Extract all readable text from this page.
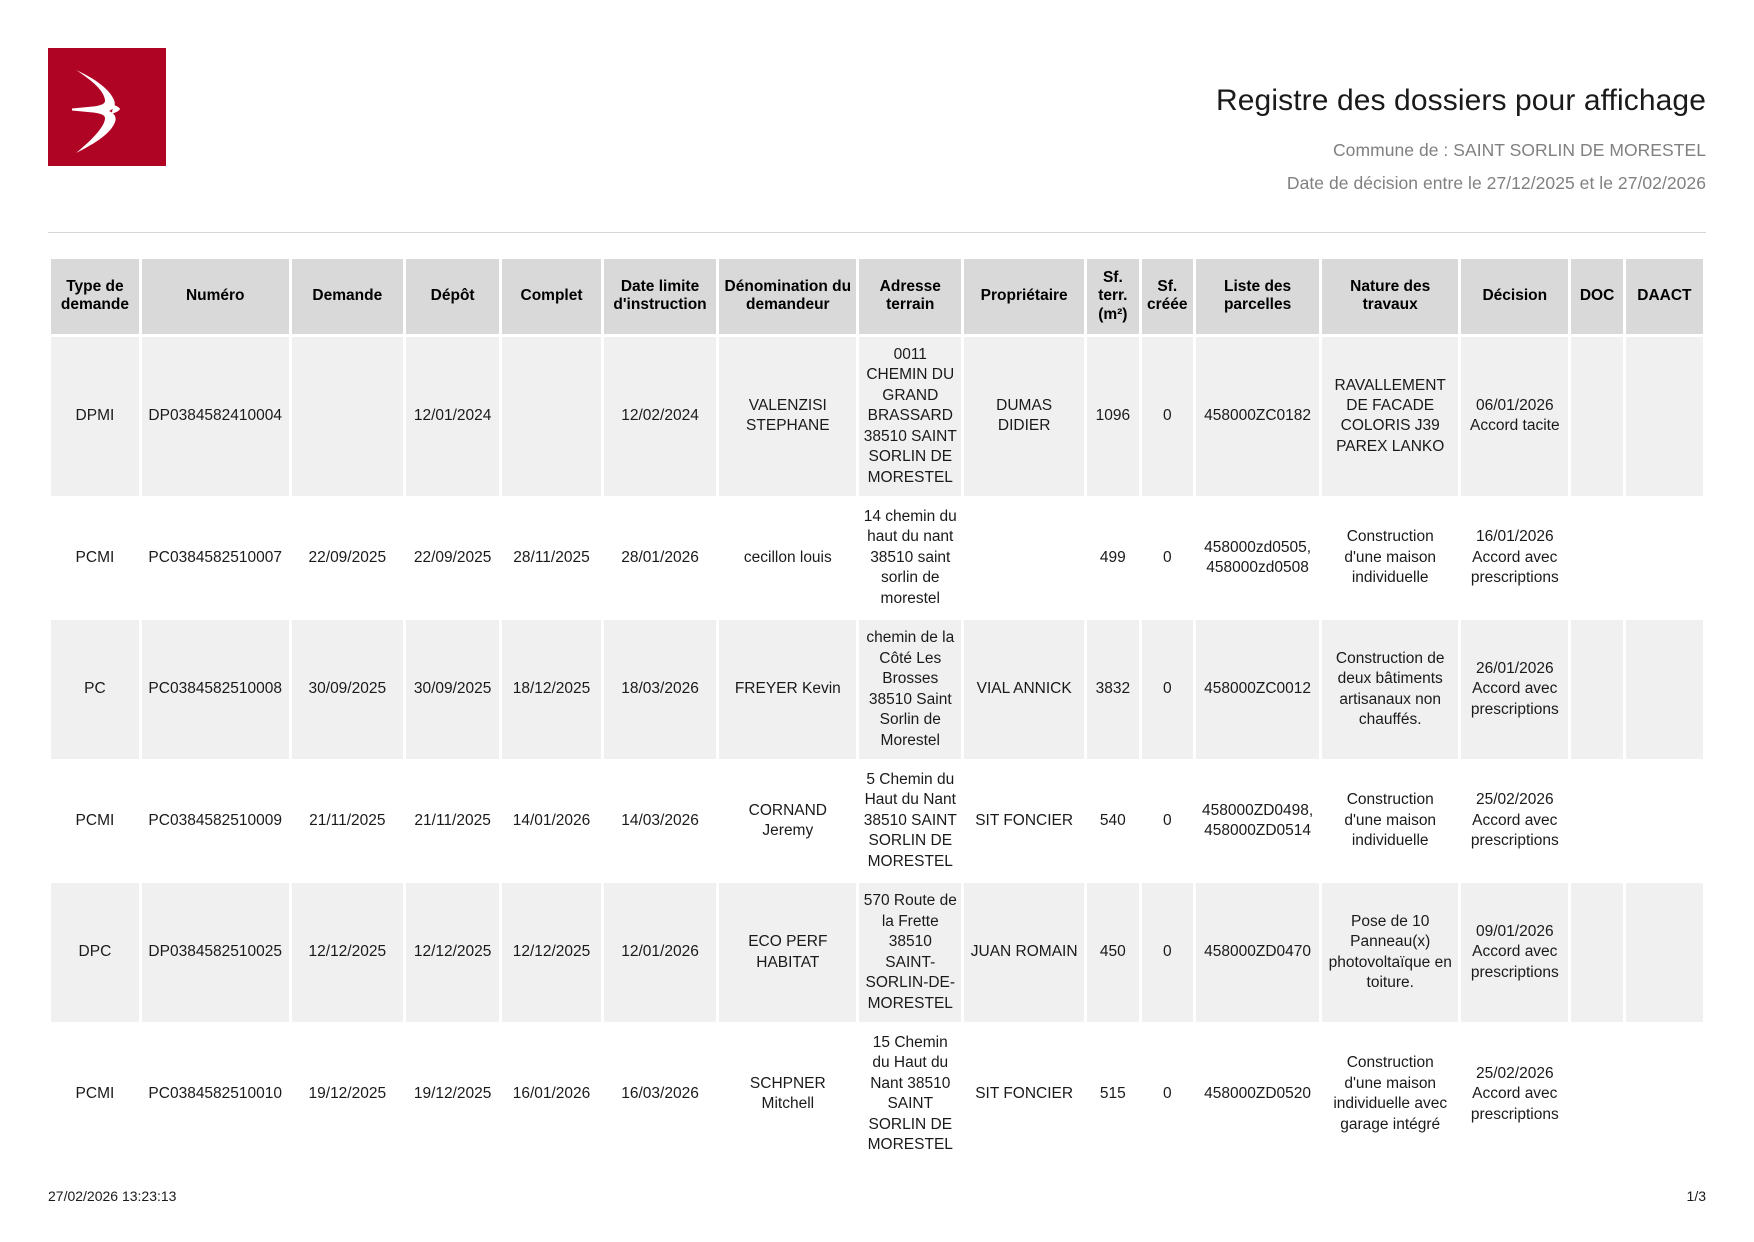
Registre des dossiers pour affichage
Commune de : SAINT SORLIN DE MORESTEL
Date de décision entre le 27/12/2025 et le 27/02/2026
Type de demande	Numéro	Demande	Dépôt	Complet	Date limite d'instruction	Dénomination du demandeur	Adresse terrain	Propriétaire	Sf. terr. (m²)	Sf. créée	Liste des parcelles	Nature des travaux	Décision	DOC	DAACT
DPMI	DP0384582410004		12/01/2024		12/02/2024	VALENZISI STEPHANE	0011 CHEMIN DU GRAND BRASSARD 38510 SAINT SORLIN DE MORESTEL	DUMAS DIDIER	1096	0	458000ZC0182	RAVALLEMENT DE FACADE COLORIS J39 PAREX LANKO	06/01/2026 Accord tacite		
PCMI	PC0384582510007	22/09/2025	22/09/2025	28/11/2025	28/01/2026	cecillon louis	14 chemin du haut du nant 38510 saint sorlin de morestel		499	0	458000zd0505, 458000zd0508	Construction d'une maison individuelle	16/01/2026 Accord avec prescriptions		
PC	PC0384582510008	30/09/2025	30/09/2025	18/12/2025	18/03/2026	FREYER Kevin	chemin de la Côté Les Brosses 38510 Saint Sorlin de Morestel	VIAL ANNICK	3832	0	458000ZC0012	Construction de deux bâtiments artisanaux non chauffés.	26/01/2026 Accord avec prescriptions		
PCMI	PC0384582510009	21/11/2025	21/11/2025	14/01/2026	14/03/2026	CORNAND Jeremy	5 Chemin du Haut du Nant 38510 SAINT SORLIN DE MORESTEL	SIT FONCIER	540	0	458000ZD0498, 458000ZD0514	Construction d'une maison individuelle	25/02/2026 Accord avec prescriptions		
DPC	DP0384582510025	12/12/2025	12/12/2025	12/12/2025	12/01/2026	ECO PERF HABITAT	570 Route de la Frette 38510 SAINT-SORLIN-DE-MORESTEL	JUAN ROMAIN	450	0	458000ZD0470	Pose de 10 Panneau(x) photovoltaïque en toiture.	09/01/2026 Accord avec prescriptions		
PCMI	PC0384582510010	19/12/2025	19/12/2025	16/01/2026	16/03/2026	SCHPNER Mitchell	15 Chemin du Haut du Nant 38510 SAINT SORLIN DE MORESTEL	SIT FONCIER	515	0	458000ZD0520	Construction d'une maison individuelle avec garage intégré	25/02/2026 Accord avec prescriptions		
27/02/2026 13:23:13	1/3
